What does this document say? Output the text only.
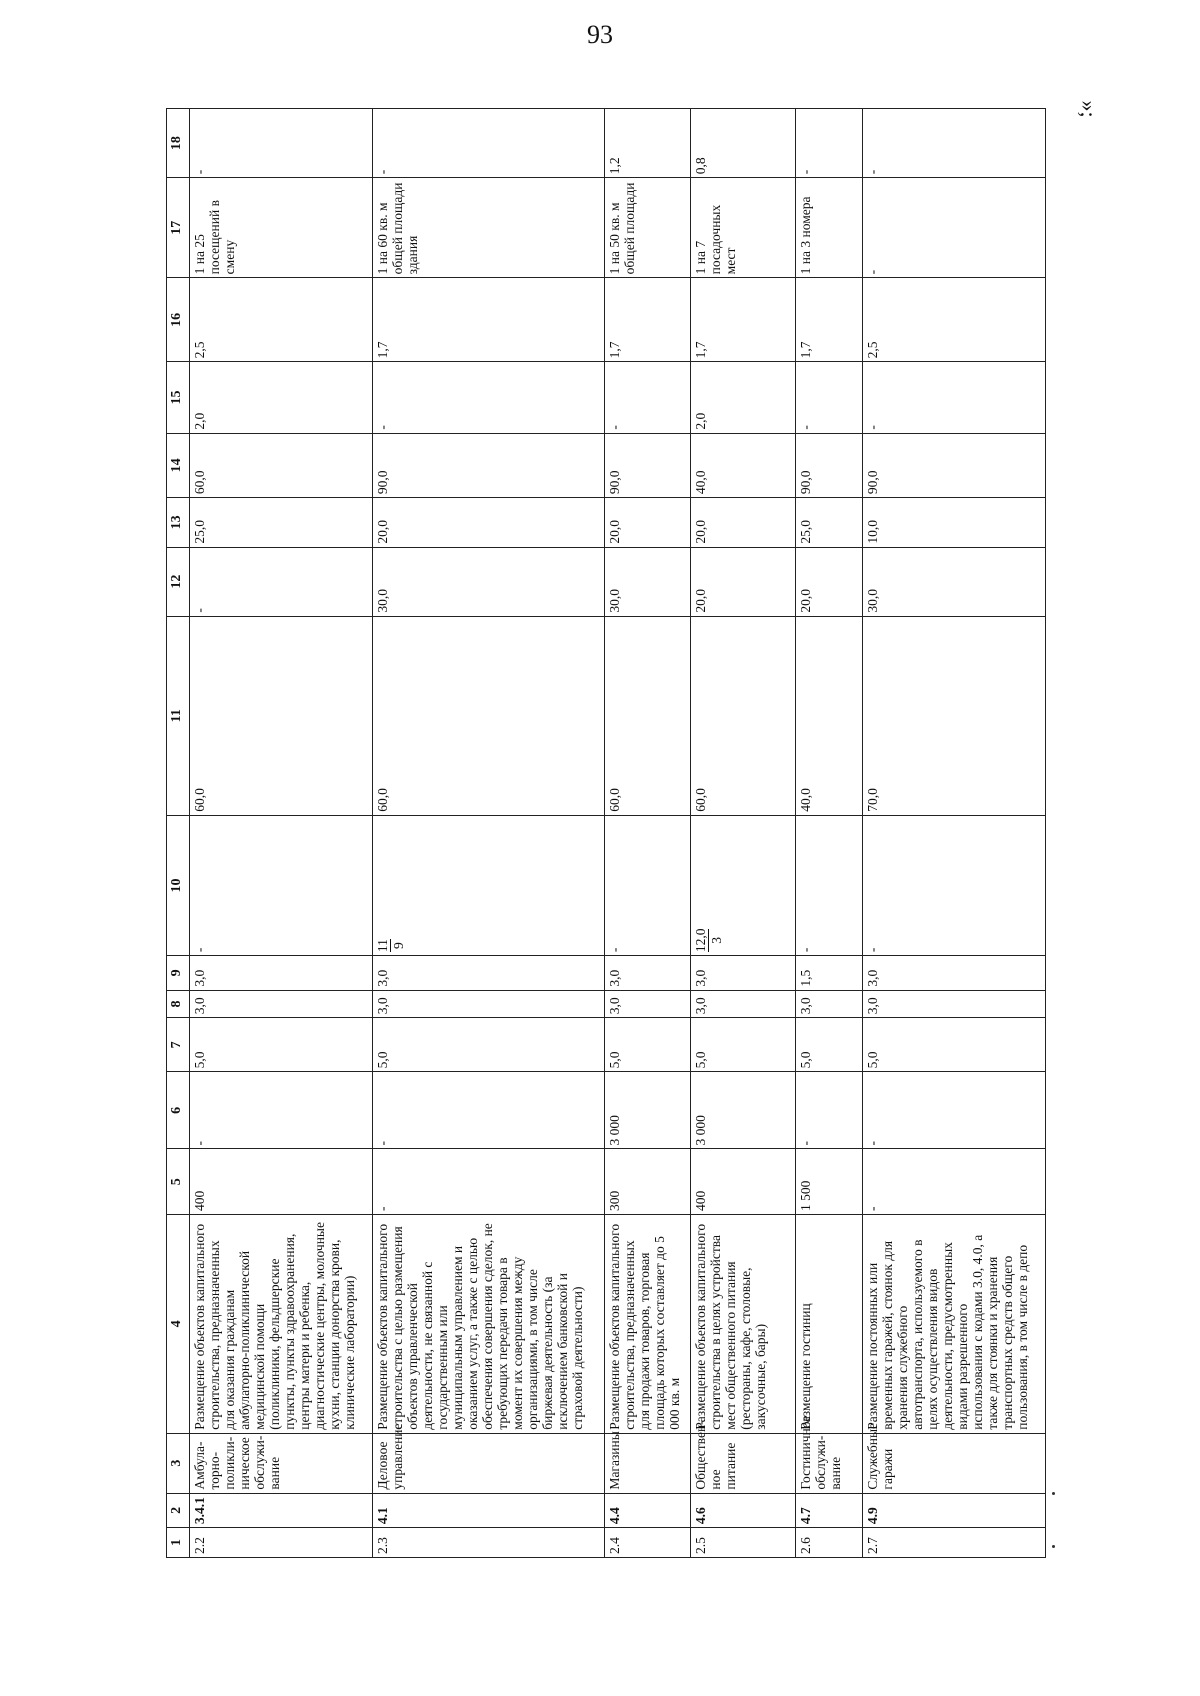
93
»;
1	2	3	4	5	6	7	8	9	10	11	12	13	14	15	16	17	18
2.2	3.4.1	Амбула-торно-поликли-ническое обслужи-вание	Размещение объектов капитального строительства, предназначенных для оказания гражданам амбулаторно-поликлинической медицинской помощи (поликлиники, фельдшерские пункты, пункты здравоохранения, центры матери и ребенка, диагностические центры, молочные кухни, станции донорства крови, клинические лаборатории)	400	-	5,0	3,0	3,0	-	60,0	-	25,0	60,0	2,0	2,5	1 на 25 посещений в смену	-
2.3	4.1	Деловое управление	Размещение объектов капитального строительства с целью размещения объектов управленческой деятельности, не связанной с государственным или муниципальным управлением и оказанием услуг, а также с целью обеспечения совершения сделок, не требующих передачи товара в момент их совершения между организациями, в том числе биржевая деятельность (за исключением банковской и страховой деятельности)	-	-	5,0	3,0	3,0	11 9	60,0	30,0	20,0	90,0	-	1,7	1 на 60 кв. м общей площади здания	-
2.4	4.4	Магазины	Размещение объектов капитального строительства, предназначенных для продажи товаров, торговая площадь которых составляет до 5 000 кв. м	300	3 000	5,0	3,0	3,0	-	60,0	30,0	20,0	90,0	-	1,7	1 на 50 кв. м общей площади	1,2
2.5	4.6	Обществен-ное питание	Размещение объектов капитального строительства в целях устройства мест общественного питания (рестораны, кафе, столовые, закусочные, бары)	400	3 000	5,0	3,0	3,0	12,0 3	60,0	20,0	20,0	40,0	2,0	1,7	1 на 7 посадочных мест	0,8
2.6	4.7	Гостиничное обслужи-вание	Размещение гостиниц	1 500	-	5,0	3,0	1,5	-	40,0	20,0	25,0	90,0	-	1,7	1 на 3 номера	-
2.7	4.9	Служебные гаражи	Размещение постоянных или временных гаражей, стоянок для хранения служебного автотранспорта, используемого в целях осуществления видов деятельности, предусмотренных видами разрешенного использования с кодами 3.0, 4.0, а также для стоянки и хранения транспортных средств общего пользования, в том числе в депо	-	-	5,0	3,0	3,0	-	70,0	30,0	10,0	90,0	-	2,5	-	-
